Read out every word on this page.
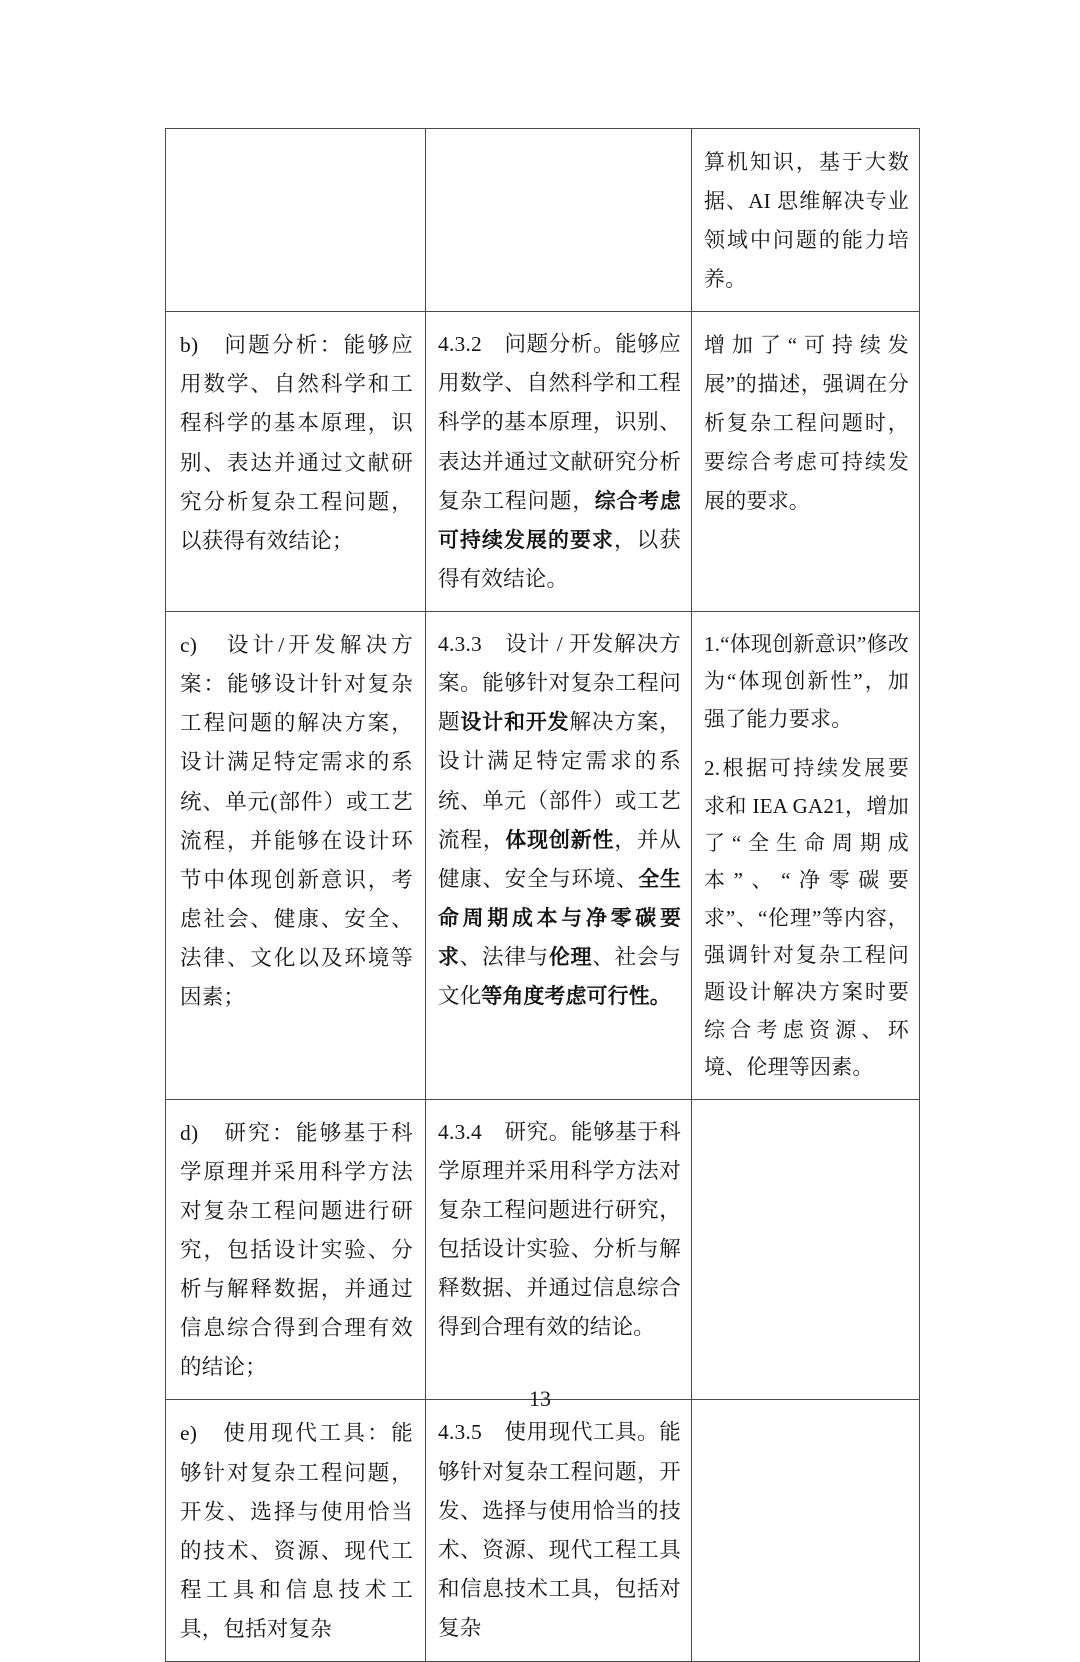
		算机知识，基于大数据、AI 思维解决专业领域中问题的能力培养。

b)　问题分析：能够应用数学、自然科学和工程科学的基本原理，识别、表达并通过文献研究分析复杂工程问题，以获得有效结论；	4.3.2　问题分析。能够应用数学、自然科学和工程科学的基本原理，识别、表达并通过文献研究分析复杂工程问题，综合考虑可持续发展的要求，以获得有效结论。	增加了“可持续发展”的描述，强调在分析复杂工程问题时，要综合考虑可持续发展的要求。

c)　设计/开发解决方案：能够设计针对复杂工程问题的解决方案，设计满足特定需求的系统、单元(部件）或工艺流程，并能够在设计环节中体现创新意识，考虑社会、健康、安全、法律、文化以及环境等因素；	4.3.3　设计 / 开发解决方案。能够针对复杂工程问题设计和开发解决方案，设计满足特定需求的系统、单元（部件）或工艺流程，体现创新性，并从健康、安全与环境、全生命周期成本与净零碳要求、法律与伦理、社会与文化等角度考虑可行性。	1.“体现创新意识”修改为“体现创新性”，加强了能力要求。
2.根据可持续发展要求和 IEA GA21，增加了“全生命周期成本”、“净零碳要求”、“伦理”等内容，强调针对复杂工程问题设计解决方案时要综合考虑资源、环境、伦理等因素。

d)　研究：能够基于科学原理并采用科学方法对复杂工程问题进行研究，包括设计实验、分析与解释数据，并通过信息综合得到合理有效的结论；	4.3.4　研究。能够基于科学原理并采用科学方法对复杂工程问题进行研究，包括设计实验、分析与解释数据、并通过信息综合得到合理有效的结论。	

e)　使用现代工具：能够针对复杂工程问题，开发、选择与使用恰当的技术、资源、现代工程工具和信息技术工具，包括对复杂	4.3.5　使用现代工具。能够针对复杂工程问题，开发、选择与使用恰当的技术、资源、现代工程工具和信息技术工具，包括对复杂	

13
